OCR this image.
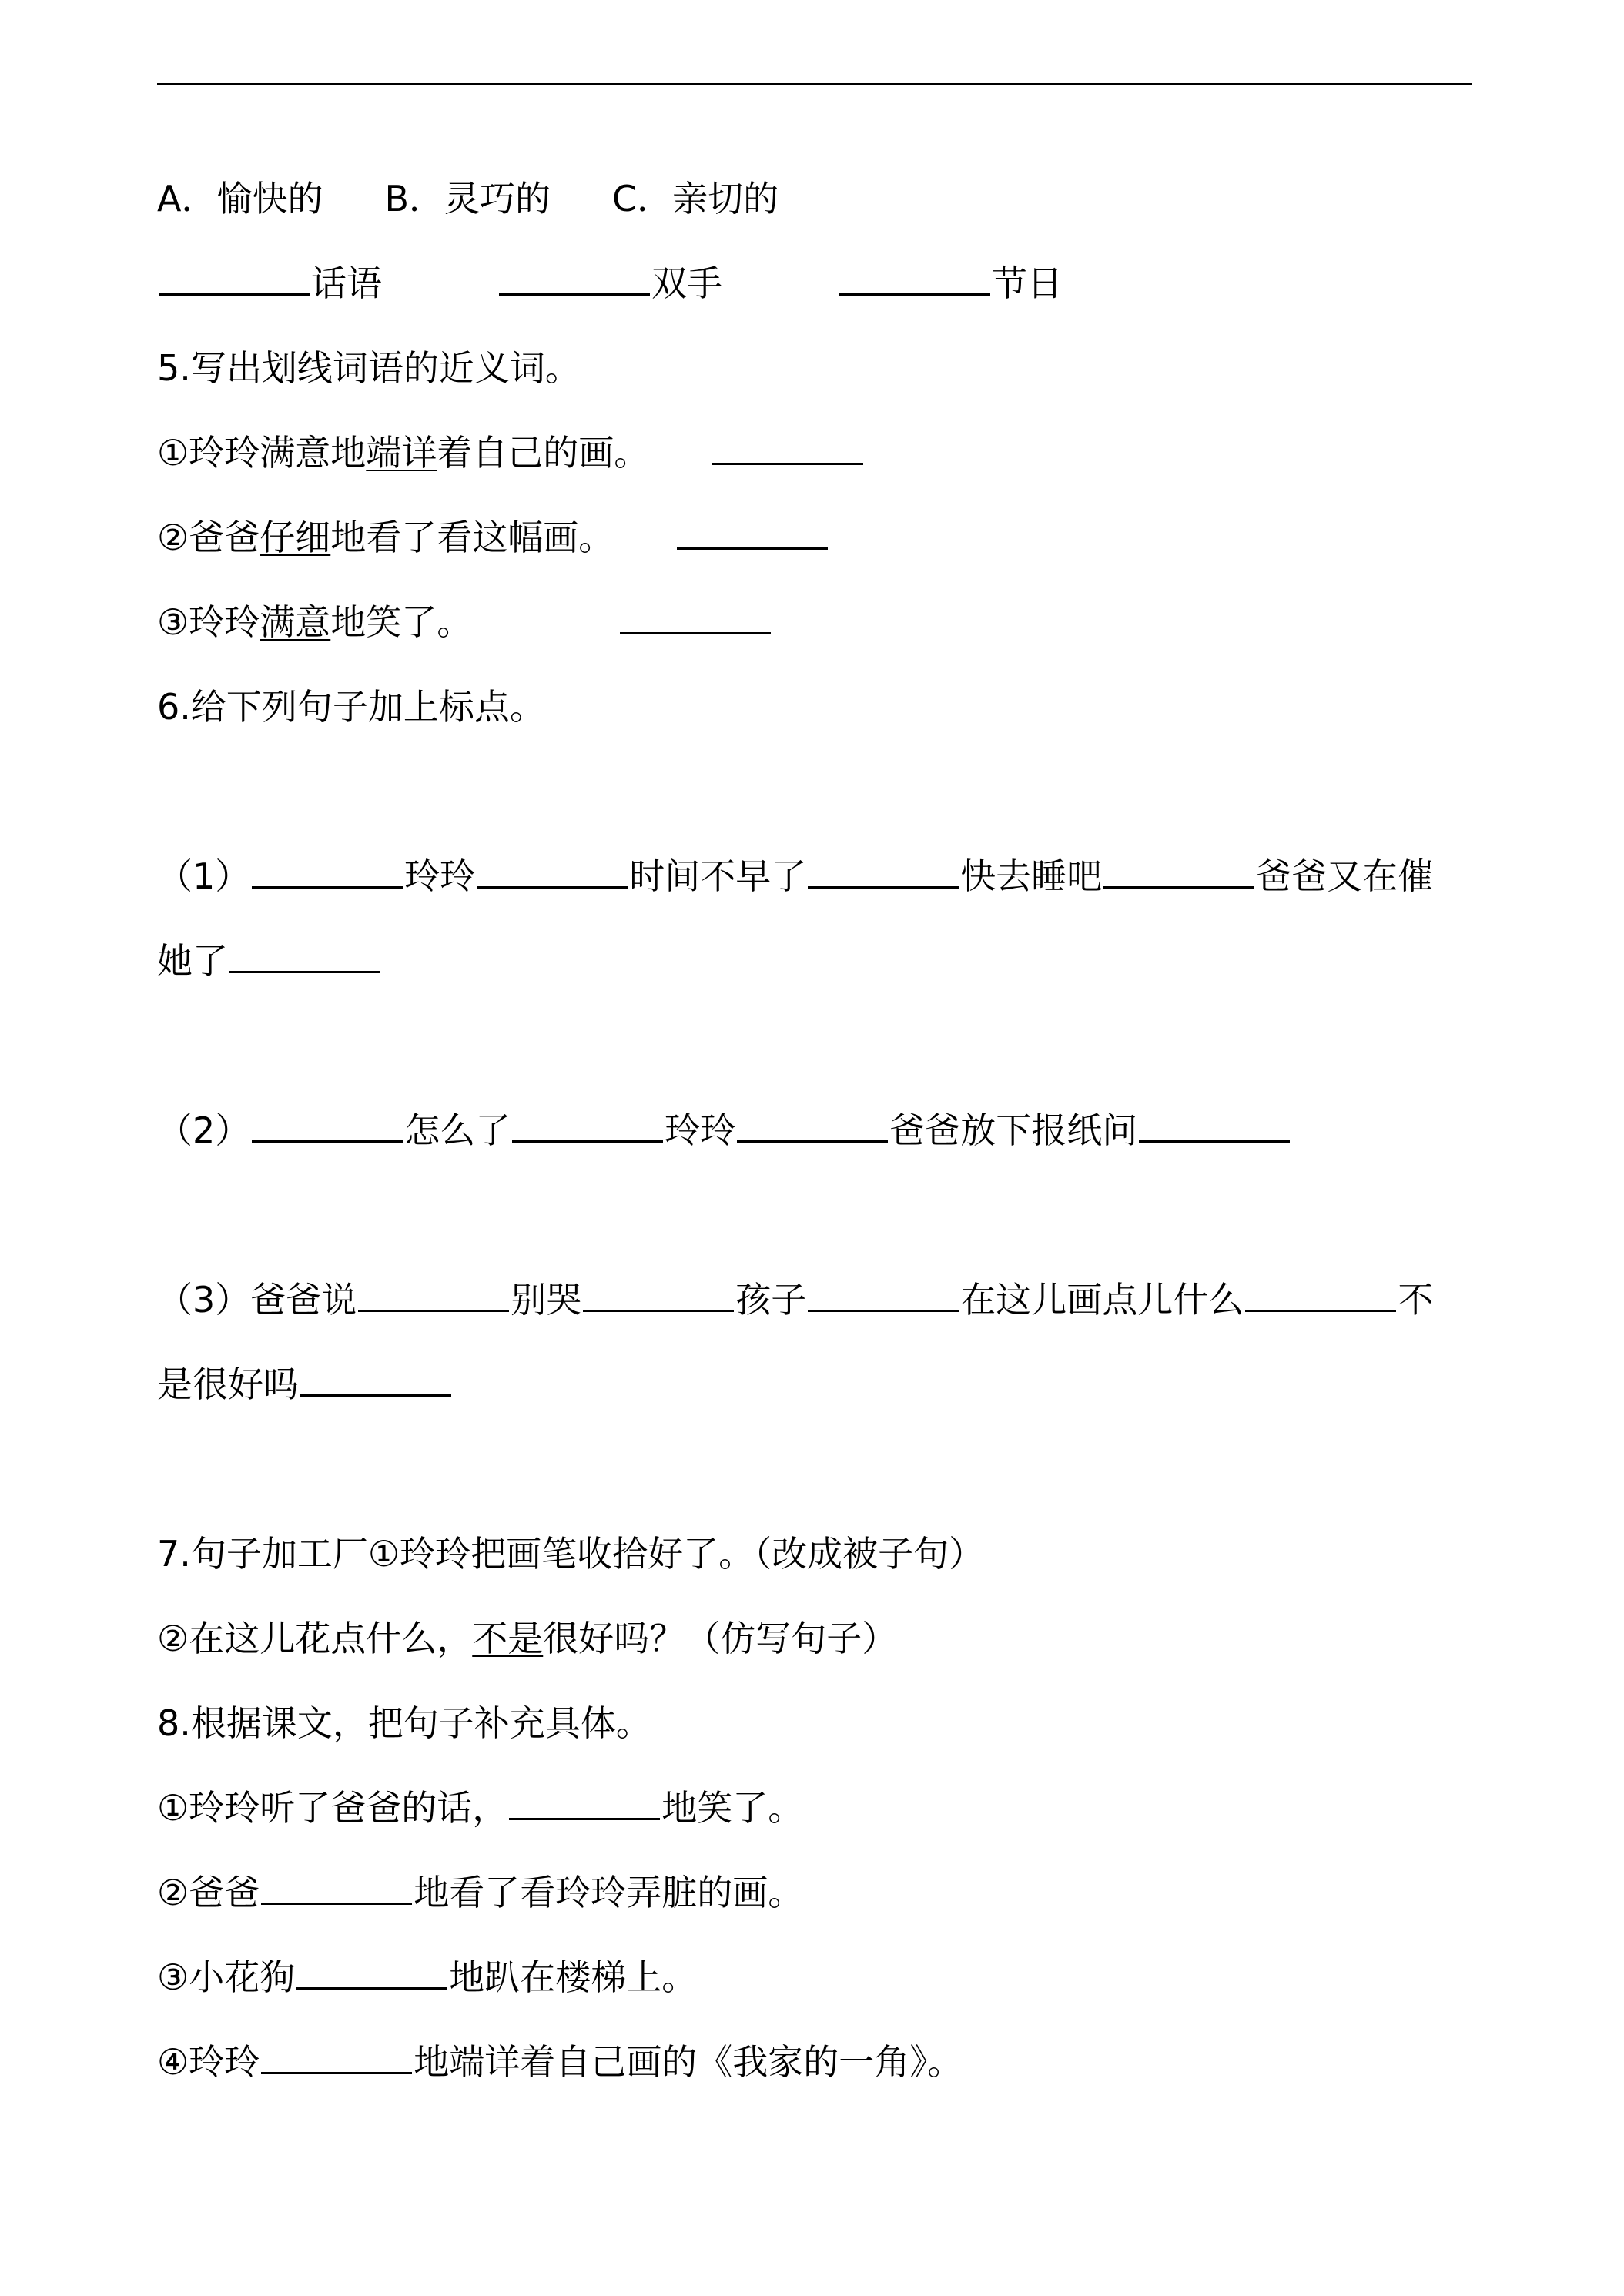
A．愉快的 B．灵巧的 C．亲切的
话语	双手	节日
5.写出划线词语的近义词。
①玲玲满意地端详着自己的画。
②爸爸仔细地看了看这幅画。
③玲玲满意地笑了。
6.给下列句子加上标点。
（1）	玲玲	时间不早了	快去睡吧	爸爸又在催
她了
（2）	怎么了	玲玲	爸爸放下报纸问
（3）爸爸说	别哭	孩子	在这儿画点儿什么	不
是很好吗
7.句子加工厂①玲玲把画笔收拾好了。（改成被子句）
②在这儿花点什么，不是很好吗？（仿写句子）
8.根据课文，把句子补充具体。
①玲玲听了爸爸的话，	地笑了。
②爸爸	地看了看玲玲弄脏的画。
③小花狗	地趴在楼梯上。
④玲玲	地端详着自己画的《我家的一角》。
